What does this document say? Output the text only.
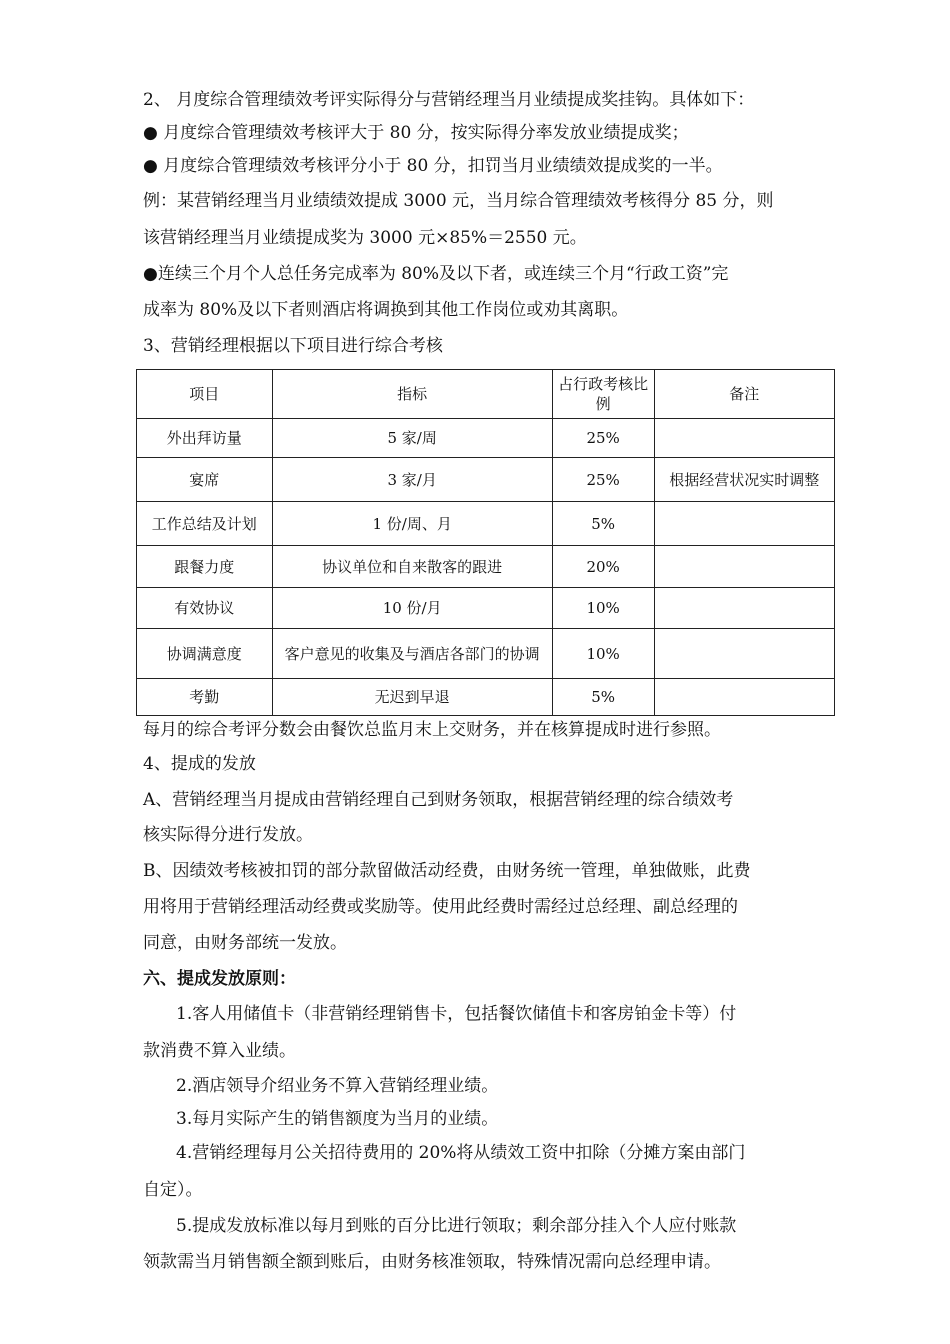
2、 月度综合管理绩效考评实际得分与营销经理当月业绩提成奖挂钩。具体如下：
● 月度综合管理绩效考核评大于 80 分，按实际得分率发放业绩提成奖；
● 月度综合管理绩效考核评分小于 80 分，扣罚当月业绩绩效提成奖的一半。
例：某营销经理当月业绩绩效提成 3000 元，当月综合管理绩效考核得分 85 分，则
该营销经理当月业绩提成奖为 3000 元×85%＝2550 元。
●连续三个月个人总任务完成率为 80%及以下者，或连续三个月“行政工资”完
成率为 80%及以下者则酒店将调换到其他工作岗位或劝其离职。
3、营销经理根据以下项目进行综合考核
项目	指标	占行政考核比例	备注
外出拜访量	5 家/周	25%	
宴席	3 家/月	25%	根据经营状况实时调整
工作总结及计划	1 份/周、月	5%	
跟餐力度	协议单位和自来散客的跟进	20%	
有效协议	10 份/月	10%	
协调满意度	客户意见的收集及与酒店各部门的协调	10%	
考勤	无迟到早退	5%	
每月的综合考评分数会由餐饮总监月末上交财务，并在核算提成时进行参照。
4、提成的发放
A、营销经理当月提成由营销经理自己到财务领取，根据营销经理的综合绩效考
核实际得分进行发放。
B、因绩效考核被扣罚的部分款留做活动经费，由财务统一管理，单独做账，此费
用将用于营销经理活动经费或奖励等。使用此经费时需经过总经理、副总经理的
同意，由财务部统一发放。
六、提成发放原则：
1.客人用储值卡（非营销经理销售卡，包括餐饮储值卡和客房铂金卡等）付
款消费不算入业绩。
2.酒店领导介绍业务不算入营销经理业绩。
3.每月实际产生的销售额度为当月的业绩。
4.营销经理每月公关招待费用的 20%将从绩效工资中扣除（分摊方案由部门
自定）。
5.提成发放标准以每月到账的百分比进行领取；剩余部分挂入个人应付账款
领款需当月销售额全额到账后，由财务核准领取，特殊情况需向总经理申请。
